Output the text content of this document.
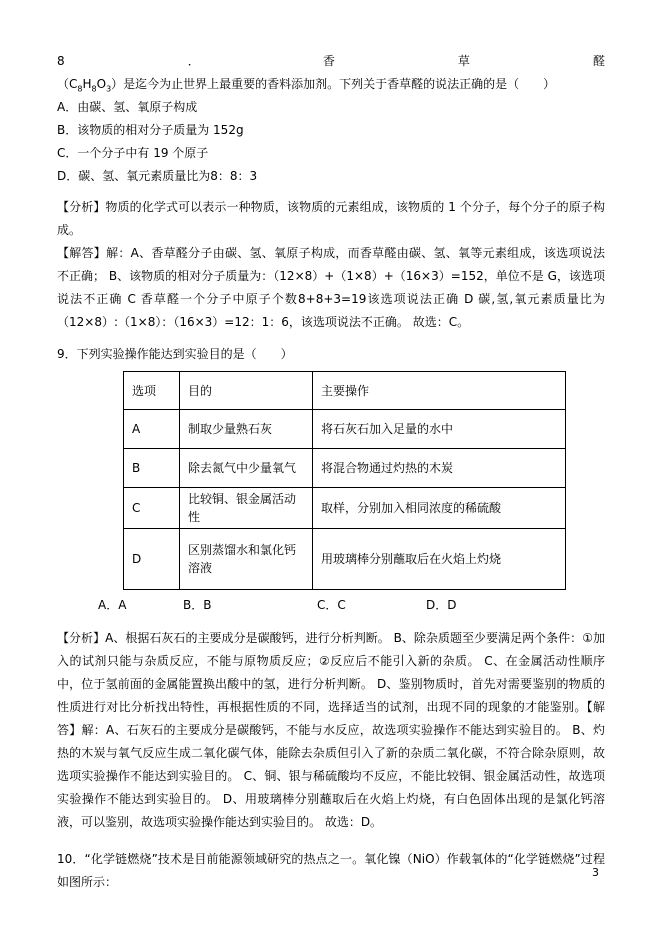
8．香草醛$(C_8H_8O_3)$是迄今为止世界上最重要的香料添加剂。下列关于香草醛的说法正确的是（　　）

A．由碳、氢、氧原子构成
B．该物质的相对分子质量为 152g
C．一个分子中有 19 个原子
D．碳、氢、氧元素质量比为8：8：3

【分析】物质的化学式可以表示一种物质，该物质的元素组成，该物质的 1 个分子，每个分子的原子构成。

【解答】解：A、香草醛分子由碳、氢、氧原子构成，而香草醛由碳、氢、氧等元素组成，该选项说法不正确； B、该物质的相对分子质量为：（12×8）+（1×8）+（16×3）=152，单位不是 G，该选项说法不正确 C 香草醛一个分子中原子个数8+8+3=19该选项说法正确 D 碳,氢,氧元素质量比为（12×8）:（1×8）：（16×3）=12：1：6，该选项说法不正确。 故选：C。

9．下列实验操作能达到实验目的是（　　）

选项	目的	主要操作
A	制取少量熟石灰	将石灰石加入足量的水中
B	除去氮气中少量氧气	将混合物通过灼热的木炭
C	比较铜、银金属活动性	取样，分别加入相同浓度的稀硫酸
D	区别蒸馏水和氯化钙溶液	用玻璃棒分别蘸取后在火焰上灼烧
A．A	B．B	C．C	D．D

【分析】A、根据石灰石的主要成分是碳酸钙，进行分析判断。 B、除杂质题至少要满足两个条件：①加入的试剂只能与杂质反应，不能与原物质反应；②反应后不能引入新的杂质。 C、在金属活动性顺序中，位于氢前面的金属能置换出酸中的氢，进行分析判断。 D、鉴别物质时，首先对需要鉴别的物质的性质进行对比分析找出特性，再根据性质的不同，选择适当的试剂，出现不同的现象的才能鉴别。【解答】解：A、石灰石的主要成分是碳酸钙，不能与水反应，故选项实验操作不能达到实验目的。 B、灼热的木炭与氧气反应生成二氧化碳气体，能除去杂质但引入了新的杂质二氧化碳，不符合除杂原则，故选项实验操作不能达到实验目的。 C、铜、银与稀硫酸均不反应，不能比较铜、银金属活动性，故选项实验操作不能达到实验目的。 D、用玻璃棒分别蘸取后在火焰上灼烧，有白色固体出现的是氯化钙溶液，可以鉴别，故选项实验操作能达到实验目的。 故选：D。

10．“化学链燃烧”技术是目前能源领域研究的热点之一。氧化镍（NiO）作载氧体的“化学链燃烧”过程如图所示：

3
